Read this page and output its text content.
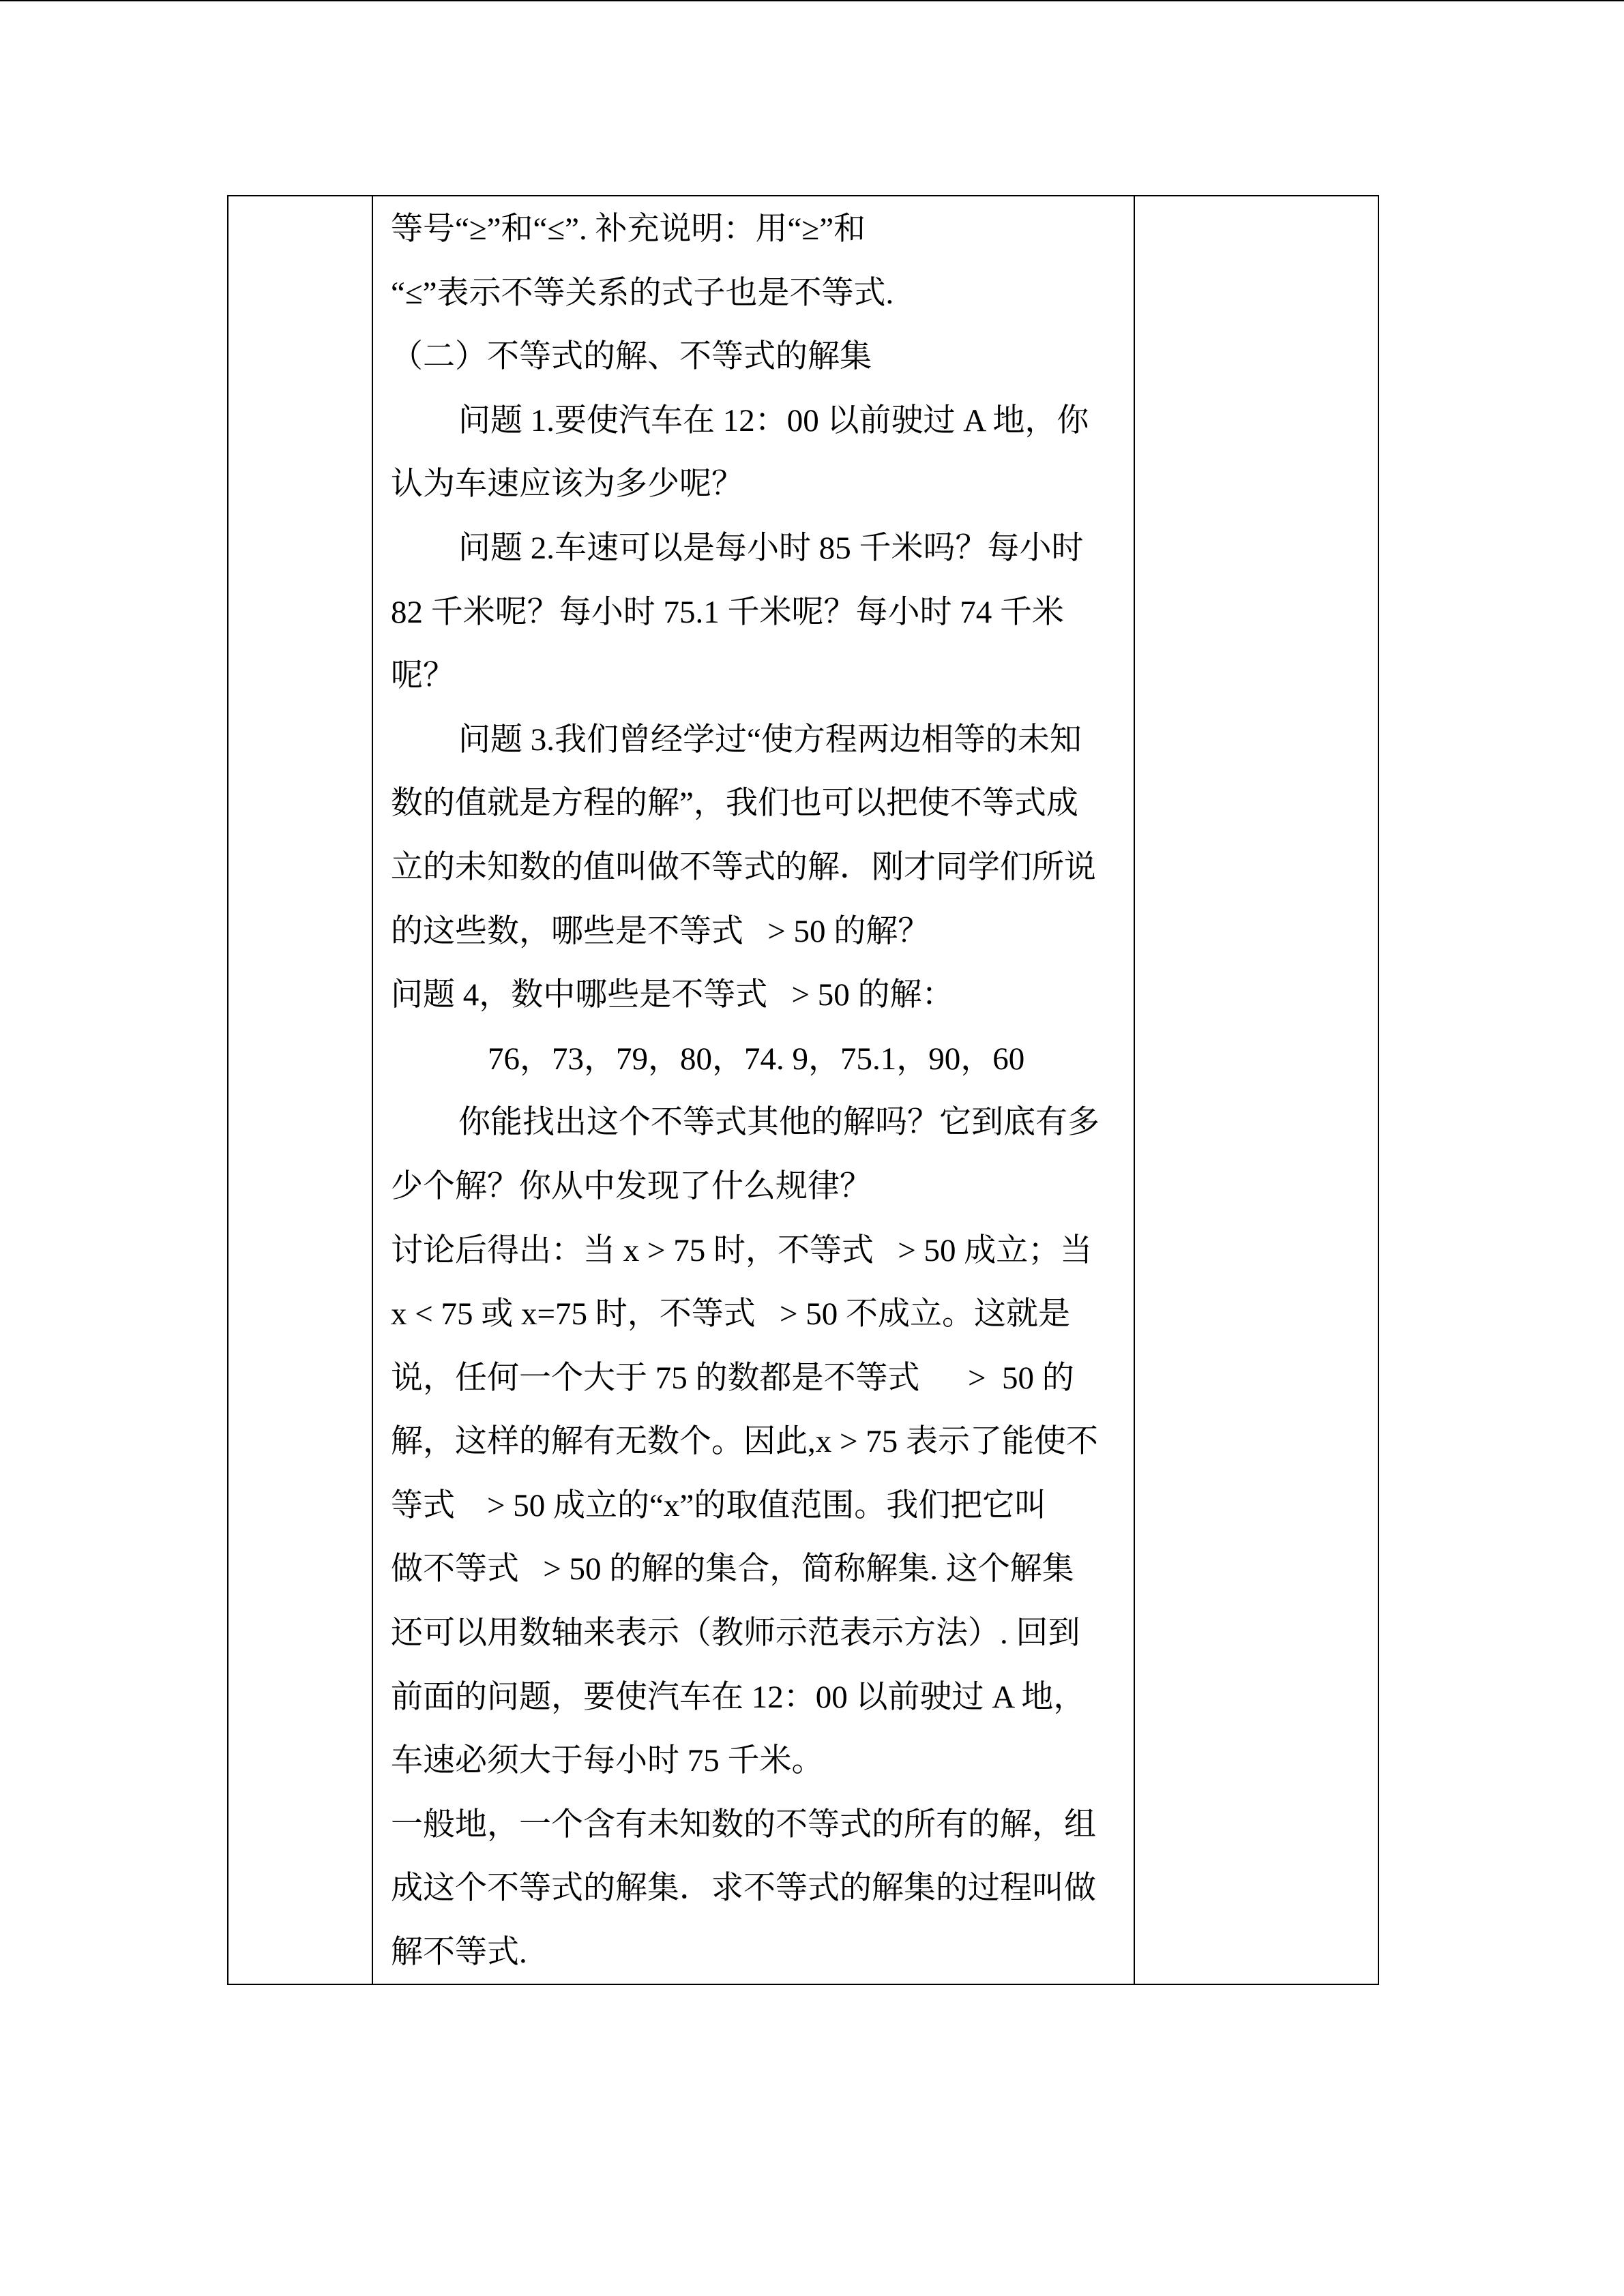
等号“≥”和“≤”. 补充说明：用“≥”和
“≤”表示不等关系的式子也是不等式.
（二）不等式的解、不等式的解集
问题 1.要使汽车在 12：00 以前驶过 A 地，你
认为车速应该为多少呢？
问题 2.车速可以是每小时 85 千米吗？每小时
82 千米呢？每小时 75.1 千米呢？每小时 74 千米
呢？
问题 3.我们曾经学过“使方程两边相等的未知
数的值就是方程的解”，我们也可以把使不等式成
立的未知数的值叫做不等式的解．刚才同学们所说
的这些数，哪些是不等式   > 50 的解？
问题 4，数中哪些是不等式   > 50 的解：
76，73，79，80，74. 9，75.1，90，60
你能找出这个不等式其他的解吗？它到底有多
少个解？你从中发现了什么规律？
讨论后得出：当 x > 75 时，不等式   > 50 成立；当
x < 75 或 x=75 时，不等式   > 50 不成立。这就是
说，任何一个大于 75 的数都是不等式      >  50 的
解，这样的解有无数个。因此,x > 75 表示了能使不
等式    > 50 成立的“x”的取值范围。我们把它叫
做不等式   > 50 的解的集合，简称解集. 这个解集
还可以用数轴来表示（教师示范表示方法）. 回到
前面的问题，要使汽车在 12：00 以前驶过 A 地，
车速必须大于每小时 75 千米。
一般地，一个含有未知数的不等式的所有的解，组
成这个不等式的解集．求不等式的解集的过程叫做
解不等式.
